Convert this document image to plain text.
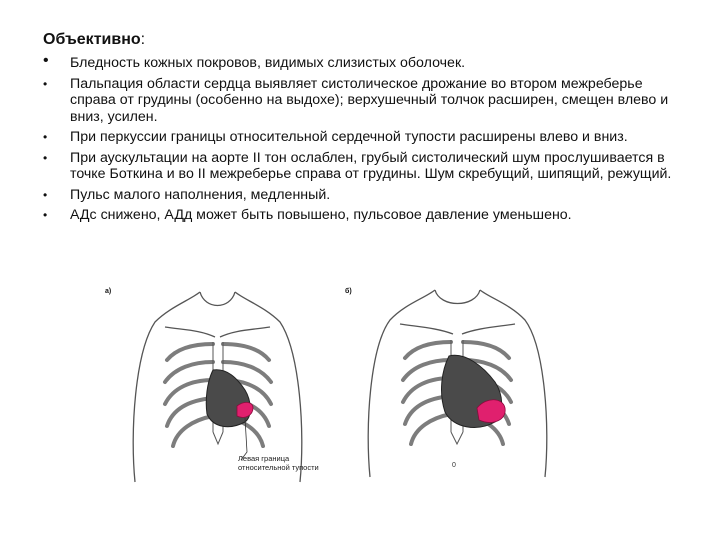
Объективно:
• Бледность кожных покровов, видимых слизистых оболочек.
• Пальпация области сердца выявляет систолическое дрожание во втором межреберье справа от грудины (особенно на выдохе); верхушечный толчок расширен, смещен влево и вниз, усилен.
• При перкуссии границы относительной сердечной тупости расширены влево и вниз.
• При аускультации на аорте II тон ослаблен, грубый систолический шум прослушивается в точке Боткина и во II межреберье справа от грудины. Шум скребущий, шипящий, режущий.
• Пульс малого наполнения, медленный.
• АДс снижено, АДд может быть повышено, пульсовое давление уменьшено.
а)
Левая граница
относительной тупости
б)
0
